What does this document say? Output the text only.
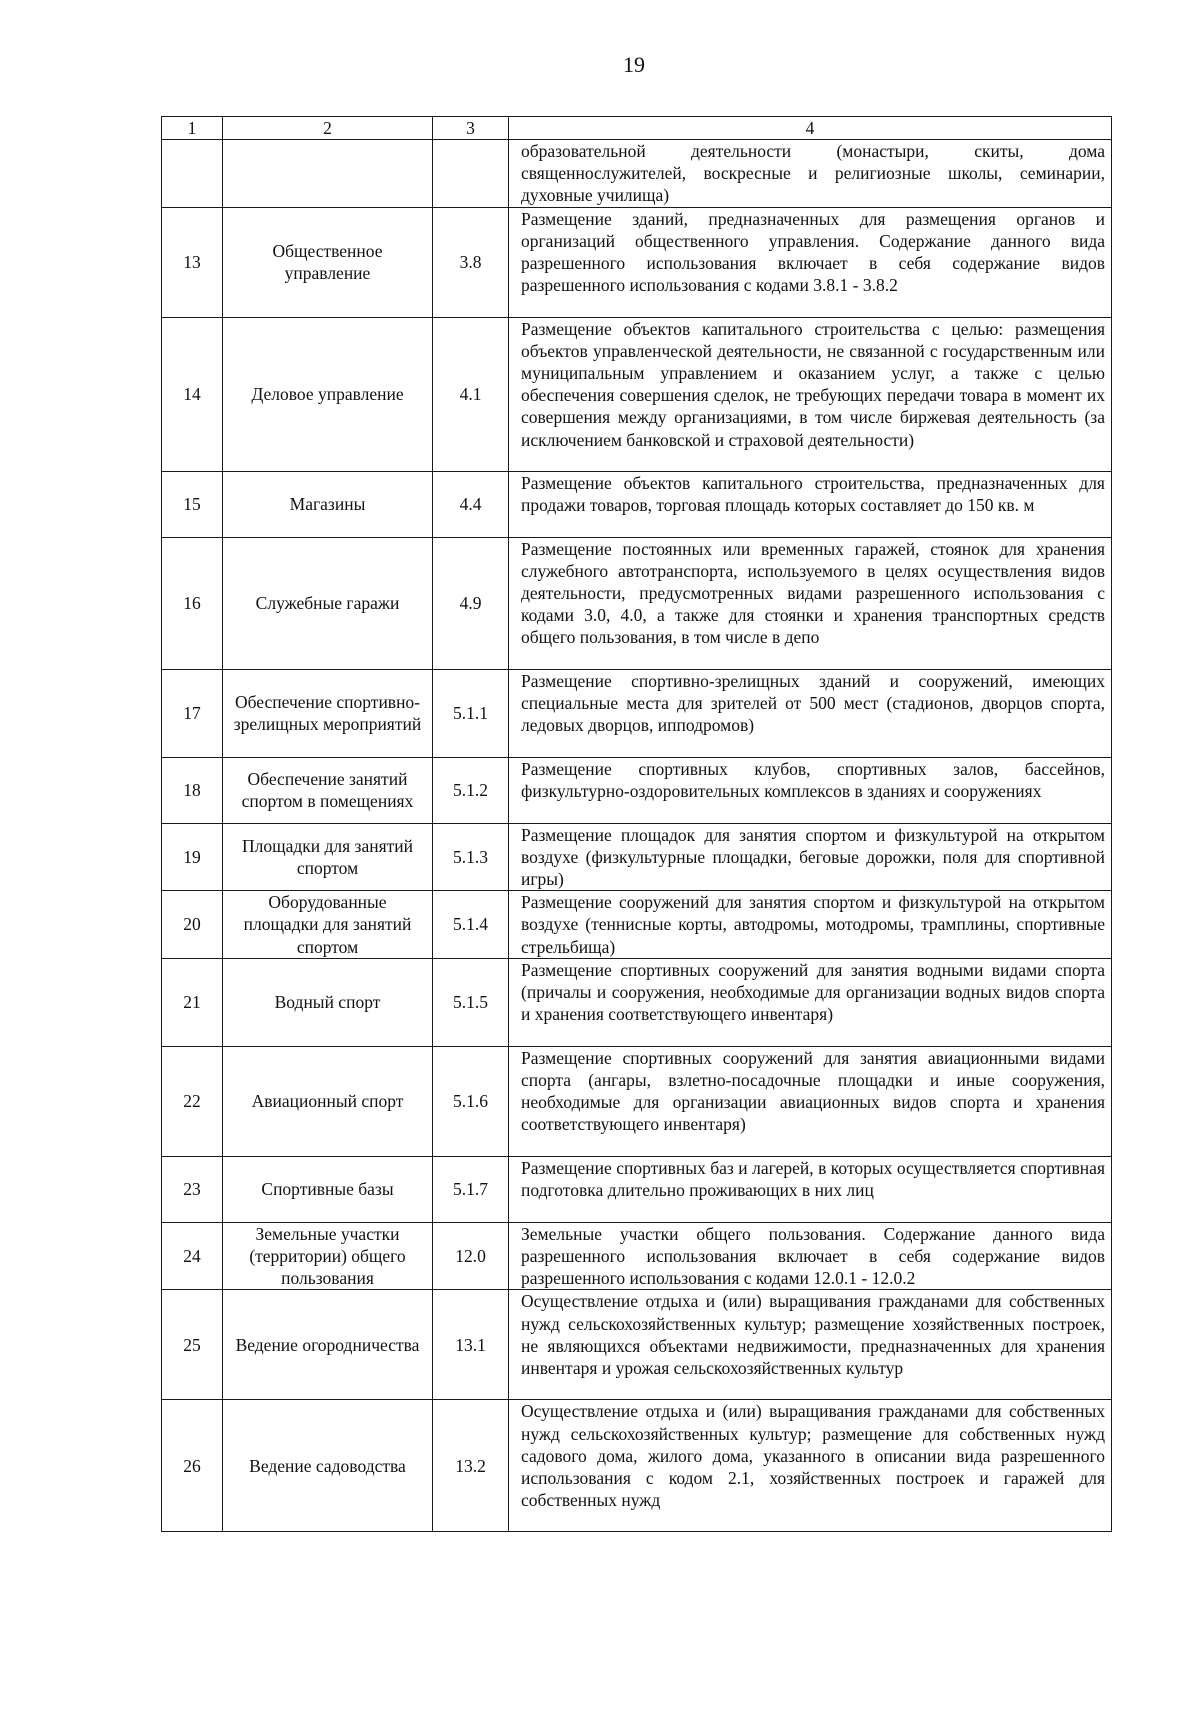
19
1	2	3	4
			образовательной деятельности (монастыри, скиты, дома священнослужителей, воскресные и религиозные школы, семинарии, духовные училища)
13	Общественное управление	3.8	Размещение зданий, предназначенных для размещения органов и организаций общественного управления. Содержание данного вида разрешенного использования включает в себя содержание видов разрешенного использования с кодами 3.8.1 - 3.8.2
14	Деловое управление	4.1	Размещение объектов капитального строительства с целью: размещения объектов управленческой деятельности, не связанной с государственным или муниципальным управлением и оказанием услуг, а также с целью обеспечения совершения сделок, не требующих передачи товара в момент их совершения между организациями, в том числе биржевая деятельность (за исключением банковской и страховой деятельности)
15	Магазины	4.4	Размещение объектов капитального строительства, предназначенных для продажи товаров, торговая площадь которых составляет до 150 кв. м
16	Служебные гаражи	4.9	Размещение постоянных или временных гаражей, стоянок для хранения служебного автотранспорта, используемого в целях осуществления видов деятельности, предусмотренных видами разрешенного использования с кодами 3.0, 4.0, а также для стоянки и хранения транспортных средств общего пользования, в том числе в депо
17	Обеспечение спортивно-зрелищных мероприятий	5.1.1	Размещение спортивно-зрелищных зданий и сооружений, имеющих специальные места для зрителей от 500 мест (стадионов, дворцов спорта, ледовых дворцов, ипподромов)
18	Обеспечение занятий спортом в помещениях	5.1.2	Размещение спортивных клубов, спортивных залов, бассейнов, физкультурно-оздоровительных комплексов в зданиях и сооружениях
19	Площадки для занятий спортом	5.1.3	Размещение площадок для занятия спортом и физкультурой на открытом воздухе (физкультурные площадки, беговые дорожки, поля для спортивной игры)
20	Оборудованные площадки для занятий спортом	5.1.4	Размещение сооружений для занятия спортом и физкультурой на открытом воздухе (теннисные корты, автодромы, мотодромы, трамплины, спортивные стрельбища)
21	Водный спорт	5.1.5	Размещение спортивных сооружений для занятия водными видами спорта (причалы и сооружения, необходимые для организации водных видов спорта и хранения соответствующего инвентаря)
22	Авиационный спорт	5.1.6	Размещение спортивных сооружений для занятия авиационными видами спорта (ангары, взлетно-посадочные площадки и иные сооружения, необходимые для организации авиационных видов спорта и хранения соответствующего инвентаря)
23	Спортивные базы	5.1.7	Размещение спортивных баз и лагерей, в которых осуществляется спортивная подготовка длительно проживающих в них лиц
24	Земельные участки (территории) общего пользования	12.0	Земельные участки общего пользования. Содержание данного вида разрешенного использования включает в себя содержание видов разрешенного использования с кодами 12.0.1 - 12.0.2
25	Ведение огородничества	13.1	Осуществление отдыха и (или) выращивания гражданами для собственных нужд сельскохозяйственных культур; размещение хозяйственных построек, не являющихся объектами недвижимости, предназначенных для хранения инвентаря и урожая сельскохозяйственных культур
26	Ведение садоводства	13.2	Осуществление отдыха и (или) выращивания гражданами для собственных нужд сельскохозяйственных культур; размещение для собственных нужд садового дома, жилого дома, указанного в описании вида разрешенного использования с кодом 2.1, хозяйственных построек и гаражей для собственных нужд
